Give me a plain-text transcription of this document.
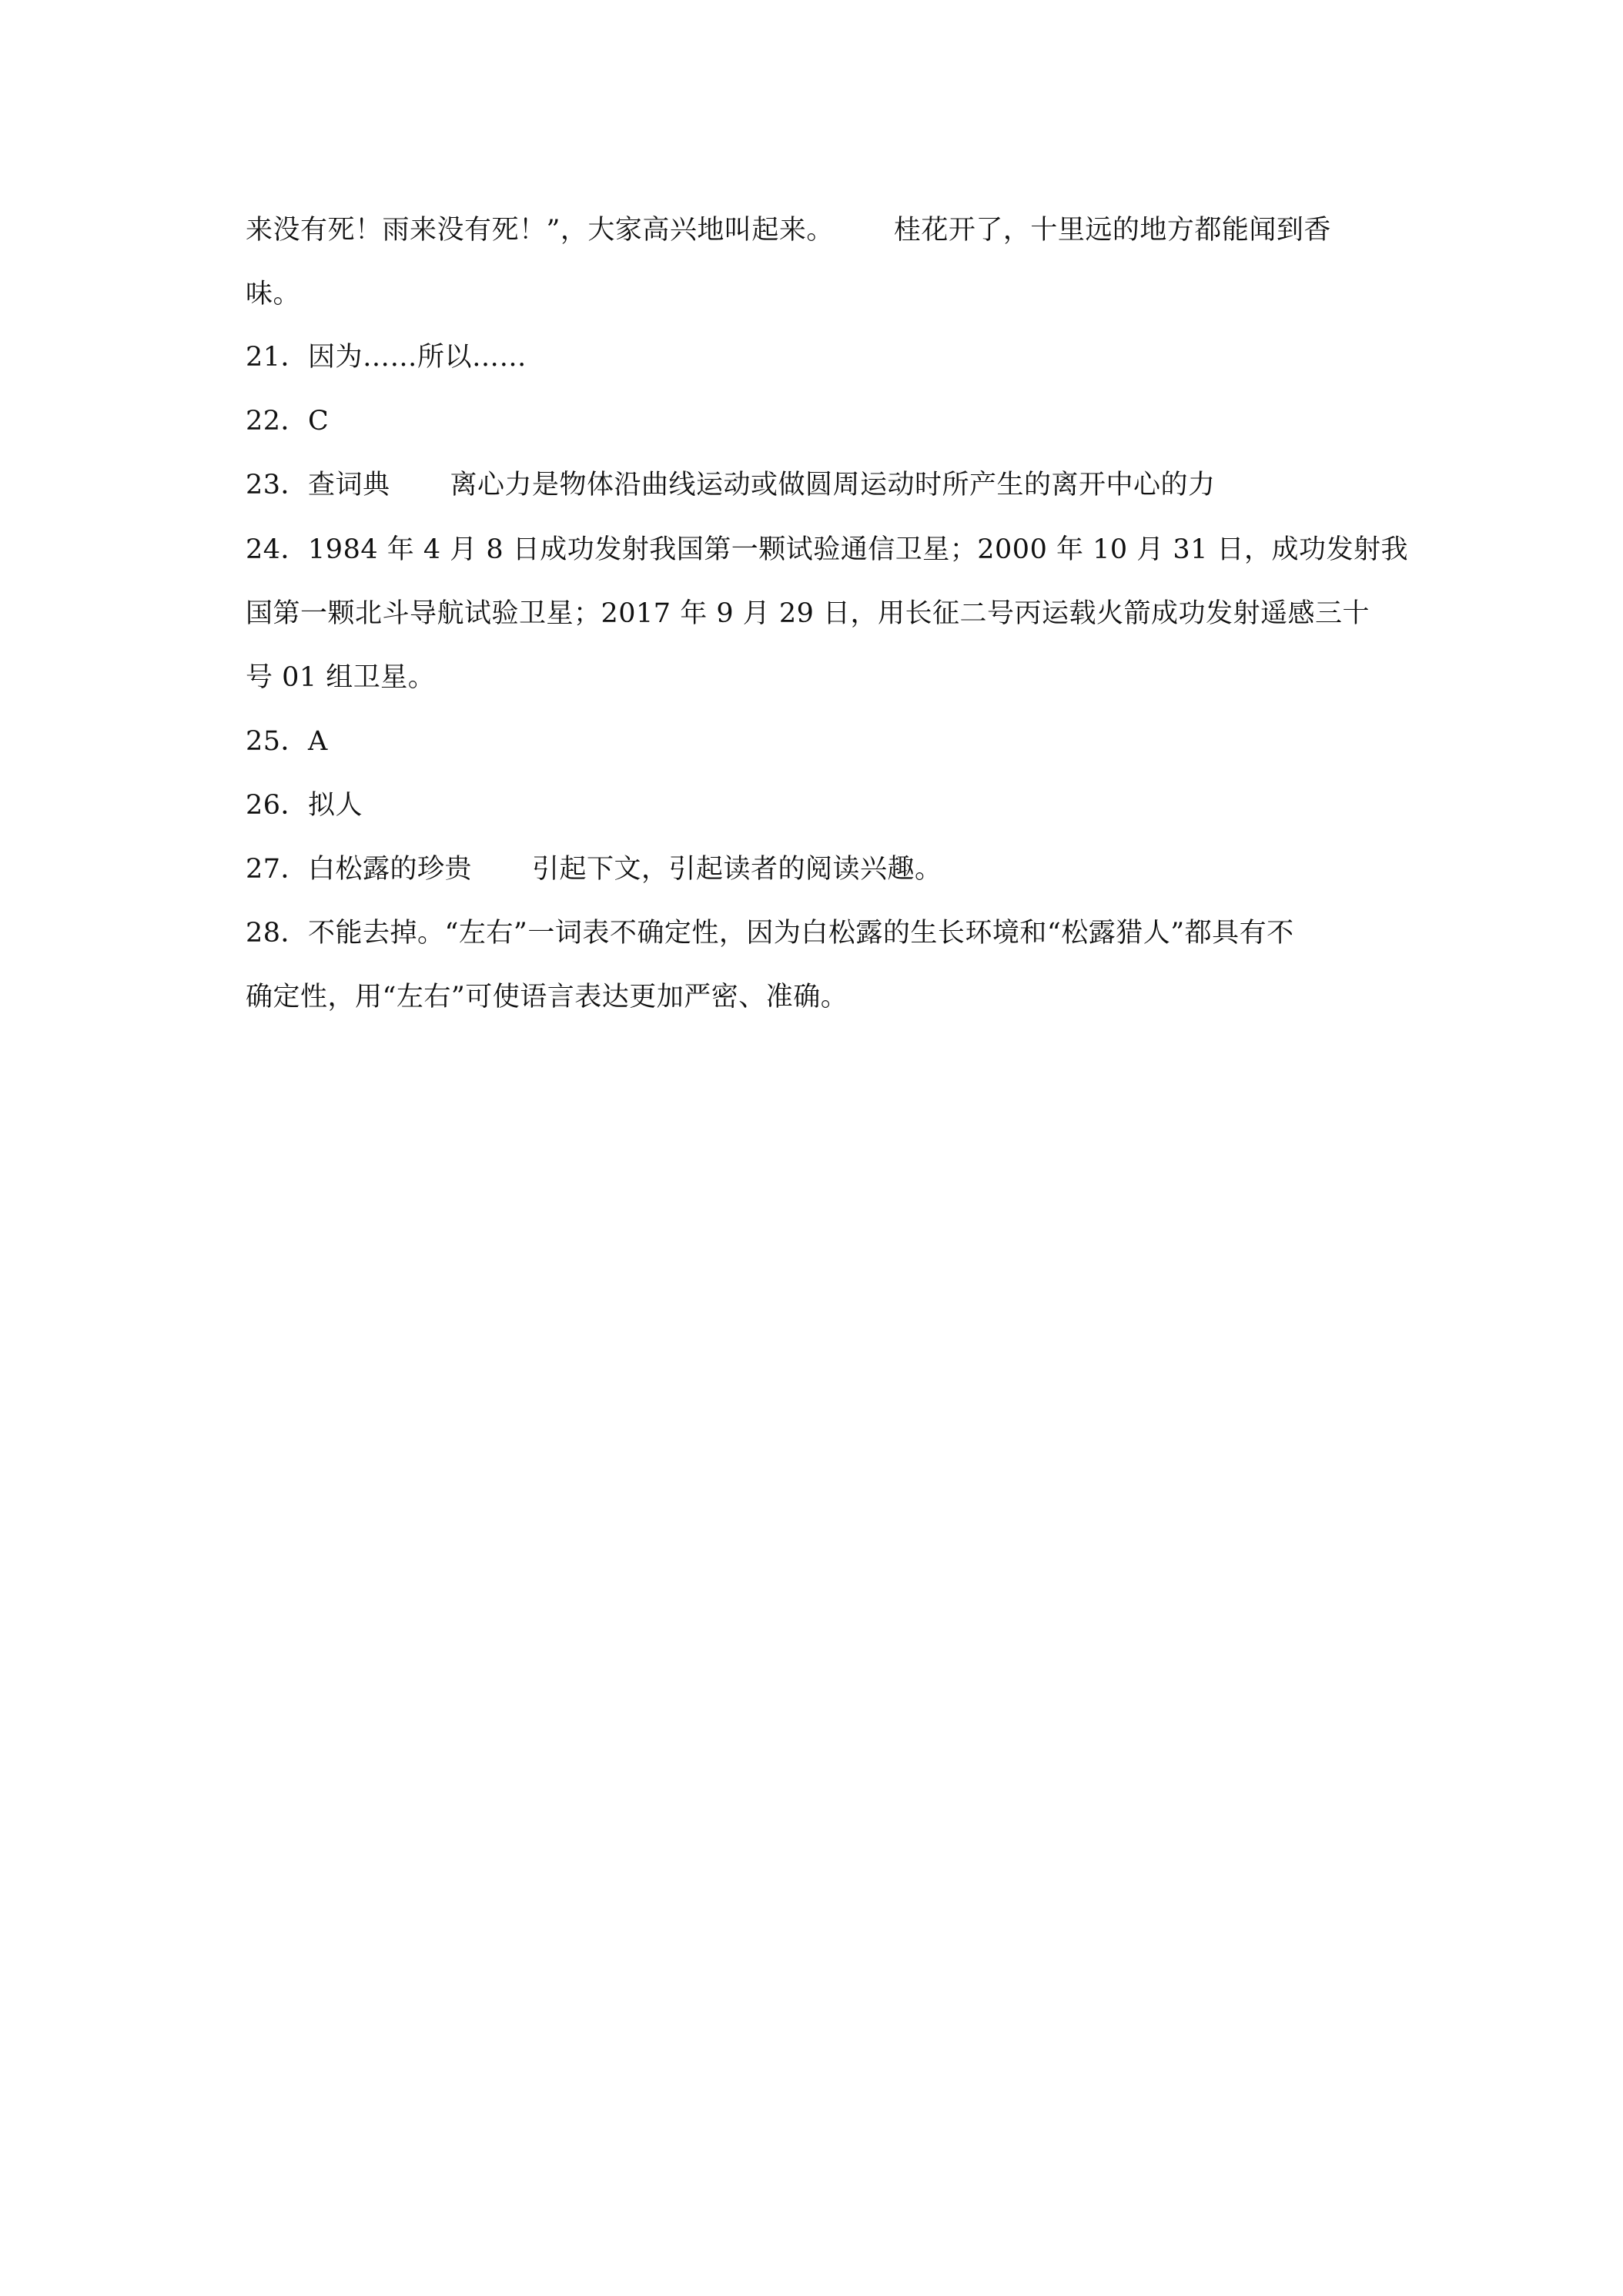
来没有死！雨来没有死！”，大家高兴地叫起来。 桂花开了，十里远的地方都能闻到香
味。
21．因为……所以……
22．C
23．查词典 离心力是物体沿曲线运动或做圆周运动时所产生的离开中心的力
24．1984 年 4 月 8 日成功发射我国第一颗试验通信卫星；2000 年 10 月 31 日，成功发射我
国第一颗北斗导航试验卫星；2017 年 9 月 29 日，用长征二号丙运载火箭成功发射遥感三十
号 01 组卫星。
25．A
26．拟人
27．白松露的珍贵 引起下文，引起读者的阅读兴趣。
28．不能去掉。“左右”一词表不确定性，因为白松露的生长环境和“松露猎人”都具有不
确定性，用“左右”可使语言表达更加严密、准确。
